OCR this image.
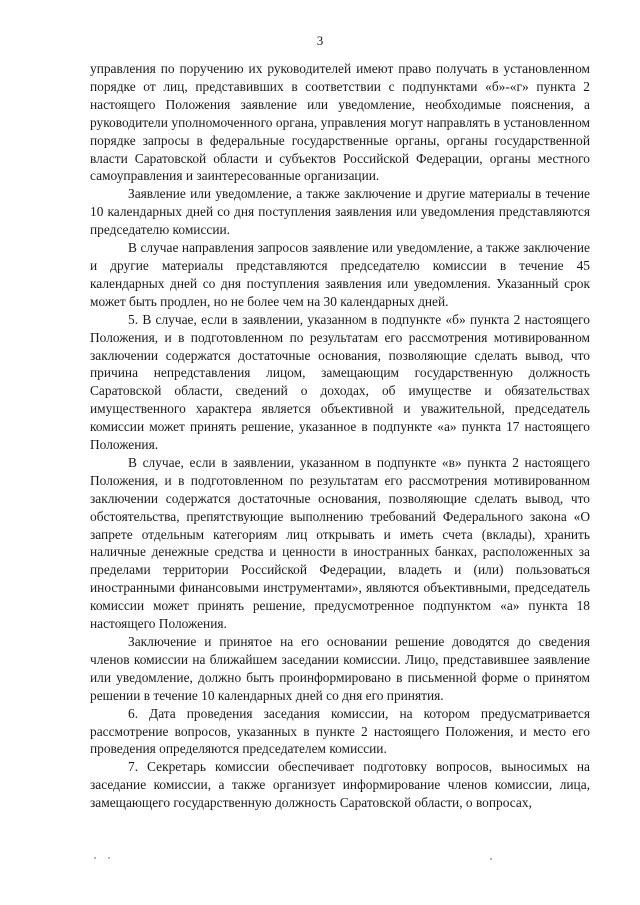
3

управления по поручению их руководителей имеют право получать в установленном порядке от лиц, представивших в соответствии с подпунктами «б»-«г» пункта 2 настоящего Положения заявление или уведомление, необходимые пояснения, а руководители уполномоченного органа, управления могут направлять в установленном порядке запросы в федеральные государственные органы, органы государственной власти Саратовской области и субъектов Российской Федерации, органы местного самоуправления и заинтересованные организации.

Заявление или уведомление, а также заключение и другие материалы в течение 10 календарных дней со дня поступления заявления или уведомления представляются председателю комиссии.

В случае направления запросов заявление или уведомление, а также заключение и другие материалы представляются председателю комиссии в течение 45 календарных дней со дня поступления заявления или уведомления. Указанный срок может быть продлен, но не более чем на 30 календарных дней.

5. В случае, если в заявлении, указанном в подпункте «б» пункта 2 настоящего Положения, и в подготовленном по результатам его рассмотрения мотивированном заключении содержатся достаточные основания, позволяющие сделать вывод, что причина непредставления лицом, замещающим государственную должность Саратовской области, сведений о доходах, об имуществе и обязательствах имущественного характера является объективной и уважительной, председатель комиссии может принять решение, указанное в подпункте «а» пункта 17 настоящего Положения.

В случае, если в заявлении, указанном в подпункте «в» пункта 2 настоящего Положения, и в подготовленном по результатам его рассмотрения мотивированном заключении содержатся достаточные основания, позволяющие сделать вывод, что обстоятельства, препятствующие выполнению требований Федерального закона «О запрете отдельным категориям лиц открывать и иметь счета (вклады), хранить наличные денежные средства и ценности в иностранных банках, расположенных за пределами территории Российской Федерации, владеть и (или) пользоваться иностранными финансовыми инструментами», являются объективными, председатель комиссии может принять решение, предусмотренное подпунктом «а» пункта 18 настоящего Положения.

Заключение и принятое на его основании решение доводятся до сведения членов комиссии на ближайшем заседании комиссии. Лицо, представившее заявление или уведомление, должно быть проинформировано в письменной форме о принятом решении в течение 10 календарных дней со дня его принятия.

6. Дата проведения заседания комиссии, на котором предусматривается рассмотрение вопросов, указанных в пункте 2 настоящего Положения, и место его проведения определяются председателем комиссии.

7. Секретарь комиссии обеспечивает подготовку вопросов, выносимых на заседание комиссии, а также организует информирование членов комиссии, лица, замещающего государственную должность Саратовской области, о вопросах,
